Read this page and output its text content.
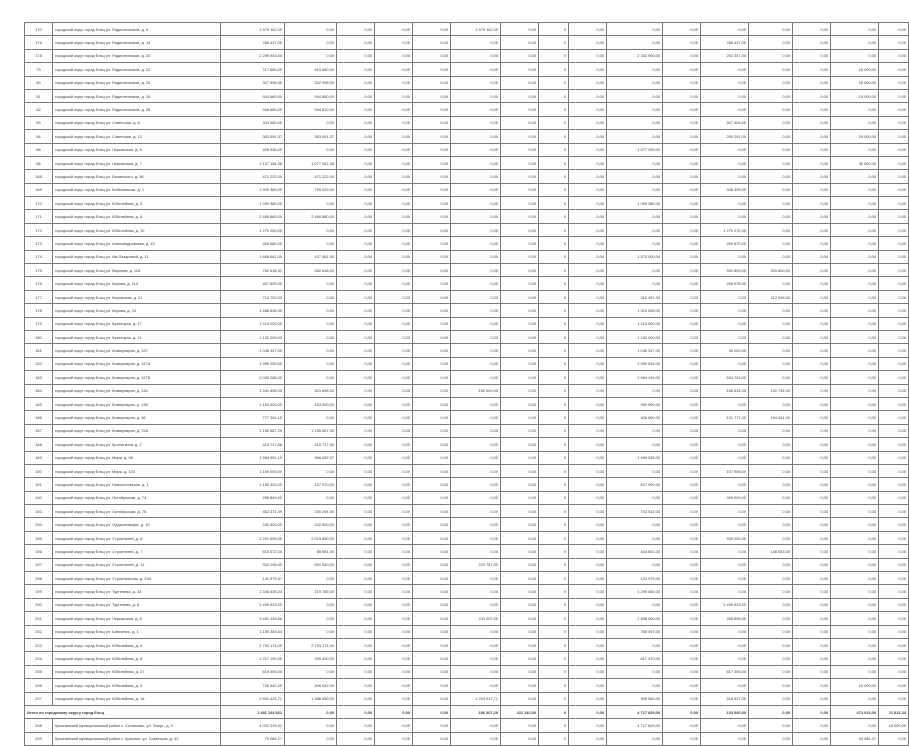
170	городской округ город Ельц ул. Радиотехников, д. 6	1 579 162,00	0,00	0,00	0,00	0,00	1 579 162,00	0,00	0	0,00	0,00	0,00	0,00	0,00	0,00	0,00	0,00
176	городской округ город Ельц ул. Радиотехников, д. 14	766 437,00	0,00	0,00	0,00	0,00	0,00	0,00	0	0,00	0,00	0,00	766 437,00	0,00	0,00	0,00	0,00
178	городской округ город Ельц ул. Радиотехников, д. 20	2 299 943,00	0,00	0,00	0,00	0,00	0,00	0,00	0	0,00	2 302 900,00	0,00	292 347,00	0,00	0,00	0,00	0,00
79	городской округ город Ельц ул. Радиотехников, д. 22	717 680,00	919 680,00	0,00	0,00	0,00	0,00	0,00	0	0,00	0,00	0,00	0,00	0,00	0,00	15 000,00	0,00
80	городской округ город Ельц ул. Радиотехников, д. 24	327 996,00	332 996,00	0,00	0,00	0,00	0,00	0,00	0	0,00	0,00	0,00	0,00	0,00	0,00	15 000,00	0,00
81	городской округ город Ельц ул. Радиотехников, д. 26	944 680,00	944 680,00	0,00	0,00	0,00	0,00	0,00	0	0,00	0,00	0,00	0,00	0,00	0,00	15 000,00	0,00
82	городской округ город Ельц ул. Радиотехников, д. 28	946 680,00	944 810,00	0,00	0,00	0,00	0,00	0,00	0	0,00	0,00	0,00	0,00	0,00	0,00	0,00	0,00
83	городской округ город Ельц ул. Советская, д. 8	511 980,00	0,00	0,00	0,00	0,00	0,00	0,00	0	0,00	0,00	0,00	507 404,00	0,00	0,00	0,00	0,00
84	городской округ город Ельц ул. Советская, д. 12	383 991,37	383 991,37	0,00	0,00	0,00	0,00	0,00	0	0,00	0,00	0,00	290 291,00	0,00	0,00	29 000,00	0,00
85	городской округ город Ельц ул. Черкасская, д. 5	406 936,00	0,00	0,00	0,00	0,00	0,00	0,00	0	0,00	1 577 290,00	0,00	0,00	0,00	0,00	0,00	0,00
86	городской округ город Ельц ул. Черкасская, д. 7	1 127 164,38	1 077 061,38	0,00	0,00	0,00	0,00	0,00	0	0,00	0,00	0,00	0,00	0,00	0,00	30 000,00	0,00
168	городской округ город Ельц ул. Белинского, д. 98	471 222,00	471 222,00	0,00	0,00	0,00	0,00	0,00	0	0,00	0,00	0,00	0,00	0,00	0,00	0,00	0,00
169	городской округ город Ельц ул. Кобелевская, д. 1	1 900 369,00	799 029,00	0,00	0,00	0,00	0,00	0,00	0	0,00	0,00	0,00	946 399,00	0,00	0,00	0,00	0,00
170	городской округ город Ельц ул. Юбилейная, д. 2	1 099 380,00	0,00	0,00	0,00	0,00	0,00	0,00	0	0,00	1 099 380,00	0,00	0,00	0,00	0,00	0,00	0,00
171	городской округ город Ельц ул. Юбилейная, д. 6	2 469 880,00	2 469 880,00	0,00	0,00	0,00	0,00	0,00	0	0,00	0,00	0,00	0,00	0,00	0,00	0,00	0,00
172	городской округ город Ельц ул. Юбилейная, д. 10	1 270 250,00	0,00	0,00	0,00	0,00	0,00	0,00	0	0,00	0,00	0,00	1 270 270,00	0,00	0,00	0,00	0,00
173	городской округ город Ельц ул. Александровская, д. 43	260 680,00	0,00	0,00	0,00	0,00	0,00	0,00	0	0,00	0,00	0,00	259 870,00	0,00	0,00	0,00	0,00
174	городской округ город Ельц ул. Им Лазаревой, д. 11	1 668 661,00	107 461,00	0,00	0,00	0,00	0,00	0,00	0	0,00	1 570 000,00	0,00	0,00	0,00	0,00	0,00	0,00
175	городской округ город Ельц ул. Верхняя, д. 116	762 618,31	262 618,00	0,00	0,00	0,00	0,00	0,00	0	0,00	0,00	0,00	902 899,00	320 800,00	0,00	0,00	0,00
176	городской округ город Ельц ул. Кирова, д. 114	497 893,00	0,00	0,00	0,00	0,00	0,00	0,00	0	0,00	0,00	0,00	296 978,00	0,00	0,00	0,00	0,00
177	городской округ город Ельц ул. Кирпичная, д. 21	716 792,00	0,00	0,00	0,00	0,00	0,00	0,00	0	0,00	316 497,00	0,00	0,00	112 948,00	0,00	0,00	0,00
178	городской округ город Ельц ул. Кирова, д. 24	1 668 606,00	0,00	0,00	0,00	0,00	0,00	0,00	0	0,00	1 319 005,00	0,00	0,00	0,00	0,00	0,00	0,00
179	городской округ город Ельц ул. Кузнецкая, д. 17	1 115 000,00	0,00	0,00	0,00	0,00	0,00	0,00	0	0,00	1 115 000,00	0,00	0,00	0,00	0,00	0,00	0,00
180	городской округ город Ельц ул. Кузнецкая, д. 11	1 130 000,00	0,00	0,00	0,00	0,00	0,00	0,00	0	0,00	1 130 000,00	0,00	0,00	0,00	0,00	0,00	0,00
181	городской округ город Ельц ул. Коммунаров, д. 127	1 045 347,00	0,00	0,00	0,00	0,00	0,00	0,00	0	0,00	1 045 347,00	0,00	45 000,00	0,00	0,00	0,00	0,00
182	городской округ город Ельц ул. Коммунаров, д. 127А	1 999 250,00	0,00	0,00	0,00	0,00	0,00	0,00	0	0,00	2 990 534,00	0,00	0,00	0,00	0,00	0,00	0,00
183	городской округ город Ельц ул. Коммунаров, д. 127Б	3 093 288,00	0,00	0,00	0,00	0,00	0,00	0,00	0	0,00	2 964 249,00	0,00	534 724,00	0,00	0,00	0,00	0,00
184	городской округ город Ельц ул. Коммунаров, д. 134	1 541 698,00	401 698,00	0,00	0,00	0,00	150 000,00	0,00	0	0,00	0,00	0,00	158 634,00	141 734,00	0,00	0,00	0,00
185	городской округ город Ельц ул. Коммунаров, д. 138	1 164 500,00	163 900,00	0,00	0,00	0,00	0,00	0,00	0	0,00	990 990,00	0,00	0,00	0,00	0,00	0,00	0,00
186	городской округ город Ельц ул. Коммунаров, д. 36	777 391,15	0,00	0,00	0,00	0,00	0,00	0,00	0	0,00	408 800,00	0,00	101 777,00	194 941,00	0,00	0,00	0,00
187	городской округ город Ельц ул. Коммунаров, д. 72А	1 155 667,29	1 155 667,00	0,00	0,00	0,00	0,00	0,00	0	0,00	0,00	0,00	0,00	0,00	0,00	0,00	0,00
188	городской округ город Ельц ул. Кропоткина, д. 2	415 717,88	415 717,00	0,00	0,00	0,00	0,00	0,00	0	0,00	0,00	0,00	0,00	0,00	0,00	0,00	0,00
189	городской округ город Ельц ул. Мира, д. 98	1 584 991,19	966 082,37	0,00	0,00	0,00	0,00	0,00	0	0,00	1 495 535,00	0,00	0,00	0,00	0,00	0,00	0,00
190	городской округ город Ельц ул. Мира, д. 100	1 109 000,00	0,00	0,00	0,00	0,00	0,00	0,00	0	0,00	0,00	0,00	107 908,00	0,00	0,00	0,00	0,00
191	городской округ город Ельц ул. Новоселовская, д. 1	1 159 320,00	127 970,00	0,00	0,00	0,00	0,00	0,00	0	0,00	637 090,00	0,00	0,00	0,00	0,00	0,00	0,00
192	городской округ город Ельц ул. Октябрьская, д. 74	296 849,00	0,00	0,00	0,00	0,00	0,00	0,00	0	0,00	0,00	0,00	399 900,00	0,00	0,00	0,00	0,00
193	городской округ город Ельц ул. Октябрьская, д. 75	462 371,49	239 294,00	0,00	0,00	0,00	0,00	0,00	0	0,00	743 512,00	0,00	0,00	0,00	0,00	0,00	0,00
194	городской округ город Ельц ул. Орджоникидзе, д. 10	242 600,00	242 600,00	0,00	0,00	0,00	0,00	0,00	0	0,00	0,00	0,00	0,00	0,00	0,00	0,00	0,00
195	городской округ город Ельц ул. Строителей, д. 8	2 291 695,00	2 019 880,00	0,00	0,00	0,00	0,00	0,00	0	0,00	0,00	0,00	939 200,00	0,00	0,00	0,00	0,00
196	городской округ город Ельц ул. Строителей, д. 7	515 572,00	85 951,00	0,00	0,00	0,00	0,00	0,00	0	0,00	434 501,00	0,00	0,00	146 543,00	0,00	0,00	0,00
197	городской округ город Ельц ул. Строителей, д. 11	932 295,00	691 540,00	0,00	0,00	0,00	220 787,00	0,00	0	0,00	0,00	0,00	0,00	0,00	0,00	0,00	0,00
198	городской округ город Ельц ул. Строительная, д. 23А	131 979,47	0,00	0,00	0,00	0,00	0,00	0,00	0	0,00	131 979,00	0,00	0,00	0,00	0,00	0,00	0,00
199	городской округ город Ельц ул. Тургенева, д. 33	1 346 635,23	219 766,00	0,00	0,00	0,00	0,00	0,00	0	0,00	1 299 080,00	0,00	0,00	0,00	0,00	0,00	0,00
200	городской округ город Ельц ул. Тургенева, д. 8	2 409 513,00	0,00	0,00	0,00	0,00	0,00	0,00	0	0,00	0,00	0,00	2 409 513,00	0,00	0,00	0,00	0,00
201	городской округ город Ельц ул. Черкасская, д. 8	3 481 139,86	0,00	0,00	0,00	0,00	211 007,00	0,00	0	0,00	2 598 000,00	0,00	265 896,00	0,00	0,00	0,00	0,00
202	городской округ город Ельц ул. Шевченко, д. 1	1 159 384,64	0,00	0,00	0,00	0,00	0,00	0,00	0	0,00	755 497,00	0,00	0,00	0,00	0,00	0,00	0,00
203	городской округ город Ельц ул. Юбилейная, д. 4	2 793 174,00	2 793 174,00	0,00	0,00	0,00	0,00	0,00	0	0,00	0,00	0,00	0,00	0,00	0,00	0,00	0,00
204	городской округ город Ельц ул. Юбилейная, д. 8	1 217 190,00	499 400,00	0,00	0,00	0,00	0,00	0,00	0	0,00	617 470,00	0,00	0,00	0,00	0,00	0,00	0,00
205	городской округ город Ельц ул. Юбилейная, д. 27	619 390,00	0,00	0,00	0,00	0,00	0,00	0,00	0	0,00	0,00	0,00	617 390,00	0,00	0,00	0,00	0,00
206	городской округ город Ельц ул. Юбилейная, д. 3	726 942,00	406 942,00	0,00	0,00	0,00	0,00	0,00	0	0,00	0,00	0,00	0,00	0,00	0,00	10 000,00	0,00
207	городской округ город Ельц ул. Юбилейная, д. 16	2 591 424,72	1 388 560,00	0,00	0,00	0,00	1 204 917,72	0,00	0	0,00	995 560,00	0,00	516 927,00	0,00	0,00	0,00	0,00
Итого по городскому округу город Ельц		1 481 164 661	0,00	0,00	0,00	0,00	186 307,29	411 142,00	0	0,00	4 717 829,00	0,00	133 540,00	0,00	0,00	473 013,00	11 812,34
208	Краснинский муниципальный район с. Сотниково, ул. Энерг., д. 3	4 002 219,42	0,00	0,00	0,00	0,00	0,00	0,00	0	0,00	4 717 829,00	0,00	0,00	0,00	0,00	0,00	15 000,00
209	Краснинский муниципальный район с. Красное, ул. Советская, д. 42	79 084,27	0,00	0,00	0,00	0,00	0,00	0,00	0	0,00	0,00	0,00	0,00	0,00	0,00	43 084,27	0,00
